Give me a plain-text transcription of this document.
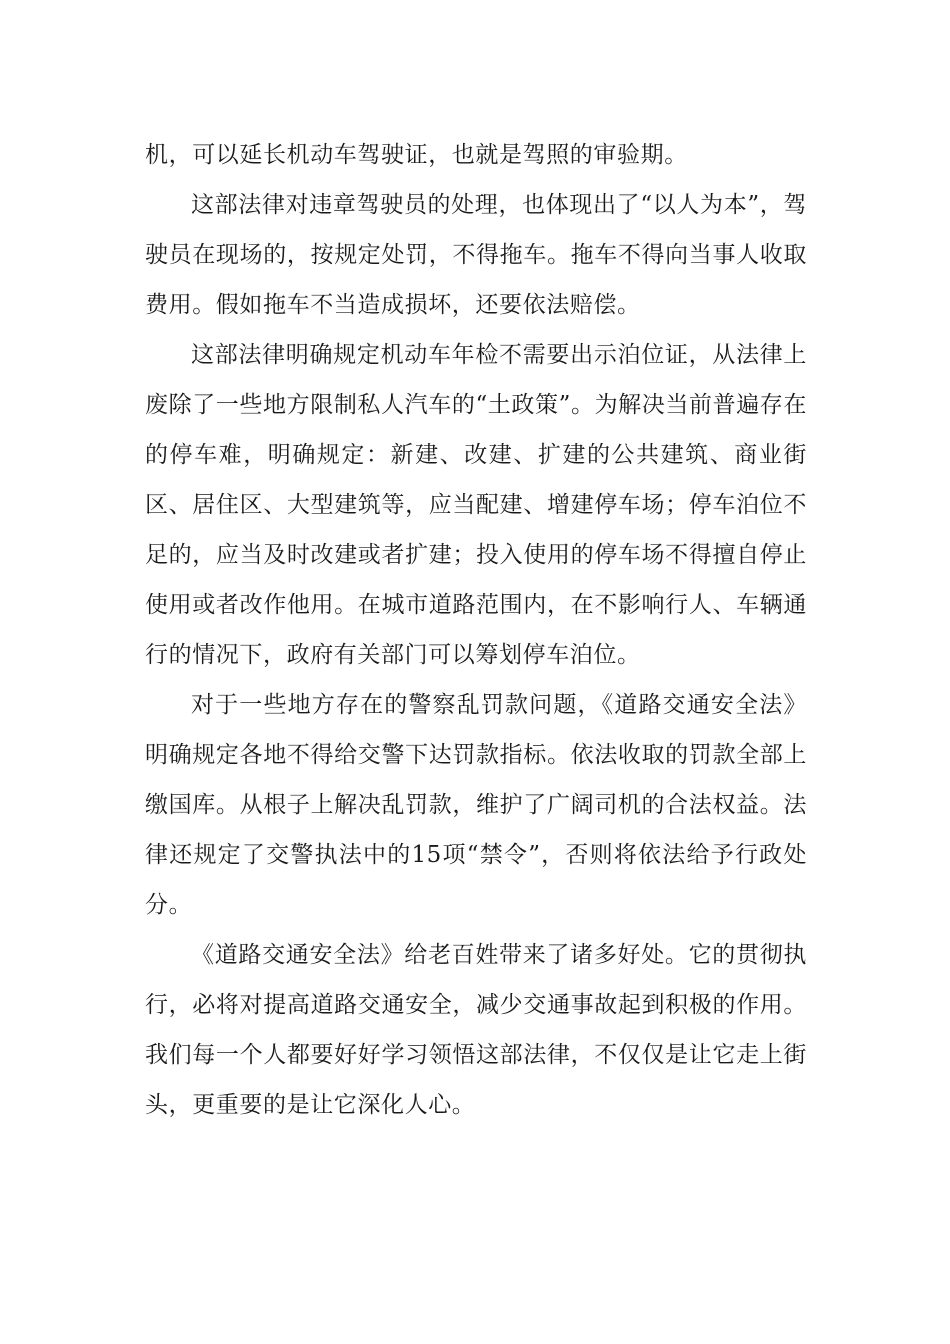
机，可以延长机动车驾驶证，也就是驾照的审验期。

这部法律对违章驾驶员的处理，也体现出了“以人为本”，驾驶员在现场的，按规定处罚，不得拖车。拖车不得向当事人收取费用。假如拖车不当造成损坏，还要依法赔偿。

这部法律明确规定机动车年检不需要出示泊位证，从法律上废除了一些地方限制私人汽车的“土政策”。为解决当前普遍存在的停车难，明确规定：新建、改建、扩建的公共建筑、商业街区、居住区、大型建筑等，应当配建、增建停车场；停车泊位不足的，应当及时改建或者扩建；投入使用的停车场不得擅自停止使用或者改作他用。在城市道路范围内，在不影响行人、车辆通行的情况下，政府有关部门可以筹划停车泊位。

对于一些地方存在的警察乱罚款问题，《道路交通安全法》明确规定各地不得给交警下达罚款指标。依法收取的罚款全部上缴国库。从根子上解决乱罚款，维护了广阔司机的合法权益。法律还规定了交警执法中的15项“禁令”，否则将依法给予行政处分。

《道路交通安全法》给老百姓带来了诸多好处。它的贯彻执行，必将对提高道路交通安全，减少交通事故起到积极的作用。我们每一个人都要好好学习领悟这部法律，不仅仅是让它走上街头，更重要的是让它深化人心。
